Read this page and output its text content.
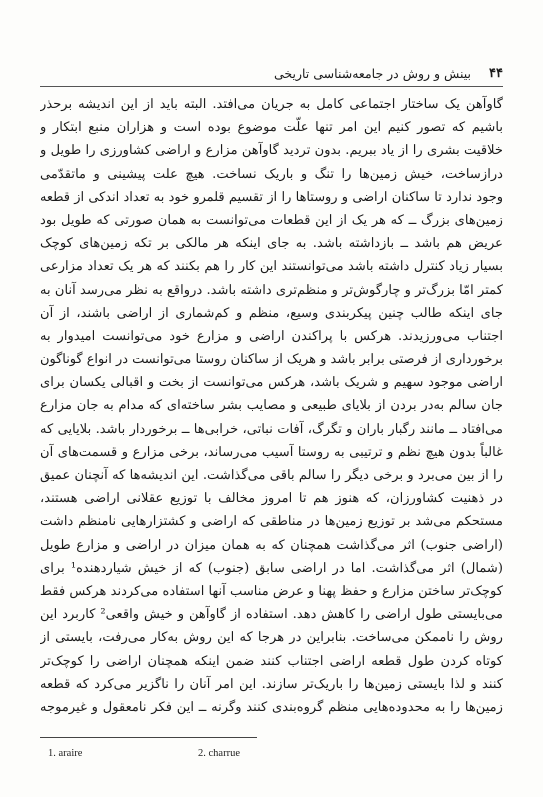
۴۴
بینش و روش در جامعه‌شناسی تاریخی
گاوآهن یک ساختار اجتماعی کامل به جریان می‌افتد. البته باید از این اندیشه برحذر
باشیم که تصور کنیم این امر تنها علّت موضوع بوده است و هزاران منبع ابتکار و
خلاقیت بشری را از یاد ببریم. بدون تردید گاوآهن مزارع و اراضی کشاورزی را طویل و
درازساخت، خیش زمین‌ها را تنگ و باریک نساخت. هیچ علت پیشینی و ماتقدّمی
وجود ندارد تا ساکنان اراضی و روستاها را از تقسیم قلمرو خود به تعداد اندکی از قطعه
زمین‌های بزرگ ــ که هر یک از این قطعات می‌توانست به همان صورتی که طویل بود
عریض هم باشد ــ بازداشته باشد. به جای اینکه هر مالکی بر تکه زمین‌های کوچک
بسیار زیاد کنترل داشته باشد می‌توانستند این کار را هم بکنند که هر یک تعداد مزارعی
کمتر امّا بزرگ‌تر و چارگوش‌تر و منظم‌تری داشته باشد. درواقع به نظر می‌رسد آنان به
جای اینکه طالب چنین پیکربندی وسیع، منظم و کم‌شماری از اراضی باشند، از آن
اجتناب می‌ورزیدند. هرکس با پراکندن اراضی و مزارع خود می‌توانست امیدوار به
برخورداری از فرصتی برابر باشد و هریک از ساکنان روستا می‌توانست در انواع گوناگون
اراضی موجود سهیم و شریک باشد، هرکس می‌توانست از بخت و اقبالی یکسان برای
جان سالم به‌در بردن از بلایای طبیعی و مصایب بشر ساخته‌ای که مدام به جان مزارع
می‌افتاد ــ مانند رگبار باران و تگرگ، آفات نباتی، خرابی‌ها ــ برخوردار باشد. بلایایی که
غالباً بدون هیچ نظم و ترتیبی به روستا آسیب می‌رساند، برخی مزارع و قسمت‌های آن
را از بین می‌برد و برخی دیگر را سالم باقی می‌گذاشت. این اندیشه‌ها که آنچنان عمیق
در ذهنیت کشاورزان، که هنوز هم تا امروز مخالف با توزیع عقلانی اراضی هستند،
مستحکم می‌شد بر توزیع زمین‌ها در مناطقی که اراضی و کشتزارهایی نامنظم داشت
(اراضی جنوب) اثر می‌گذاشت همچنان که به همان میزان در اراضی و مزارع طویل
(شمال) اثر می‌گذاشت. اما در اراضی سابق (جنوب) که از خیش شیاردهنده¹ برای
کوچک‌تر ساختن مزارع و حفظ پهنا و عرض مناسب آنها استفاده می‌کردند هرکس فقط
می‌بایستی طول اراضی را کاهش دهد. استفاده از گاوآهن و خیش واقعی² کاربرد این
روش را ناممکن می‌ساخت. بنابراین در هرجا که این روش به‌کار می‌رفت، بایستی از
کوتاه کردن طول قطعه اراضی اجتناب کنند ضمن اینکه همچنان اراضی را کوچک‌تر
کنند و لذا بایستی زمین‌ها را باریک‌تر سازند. این امر آنان را ناگزیر می‌کرد که قطعه
زمین‌ها را به محدوده‌هایی منظم گروه‌بندی کنند وگرنه ــ این فکر نامعقول و غیرموجه
1. araire	2. charrue
